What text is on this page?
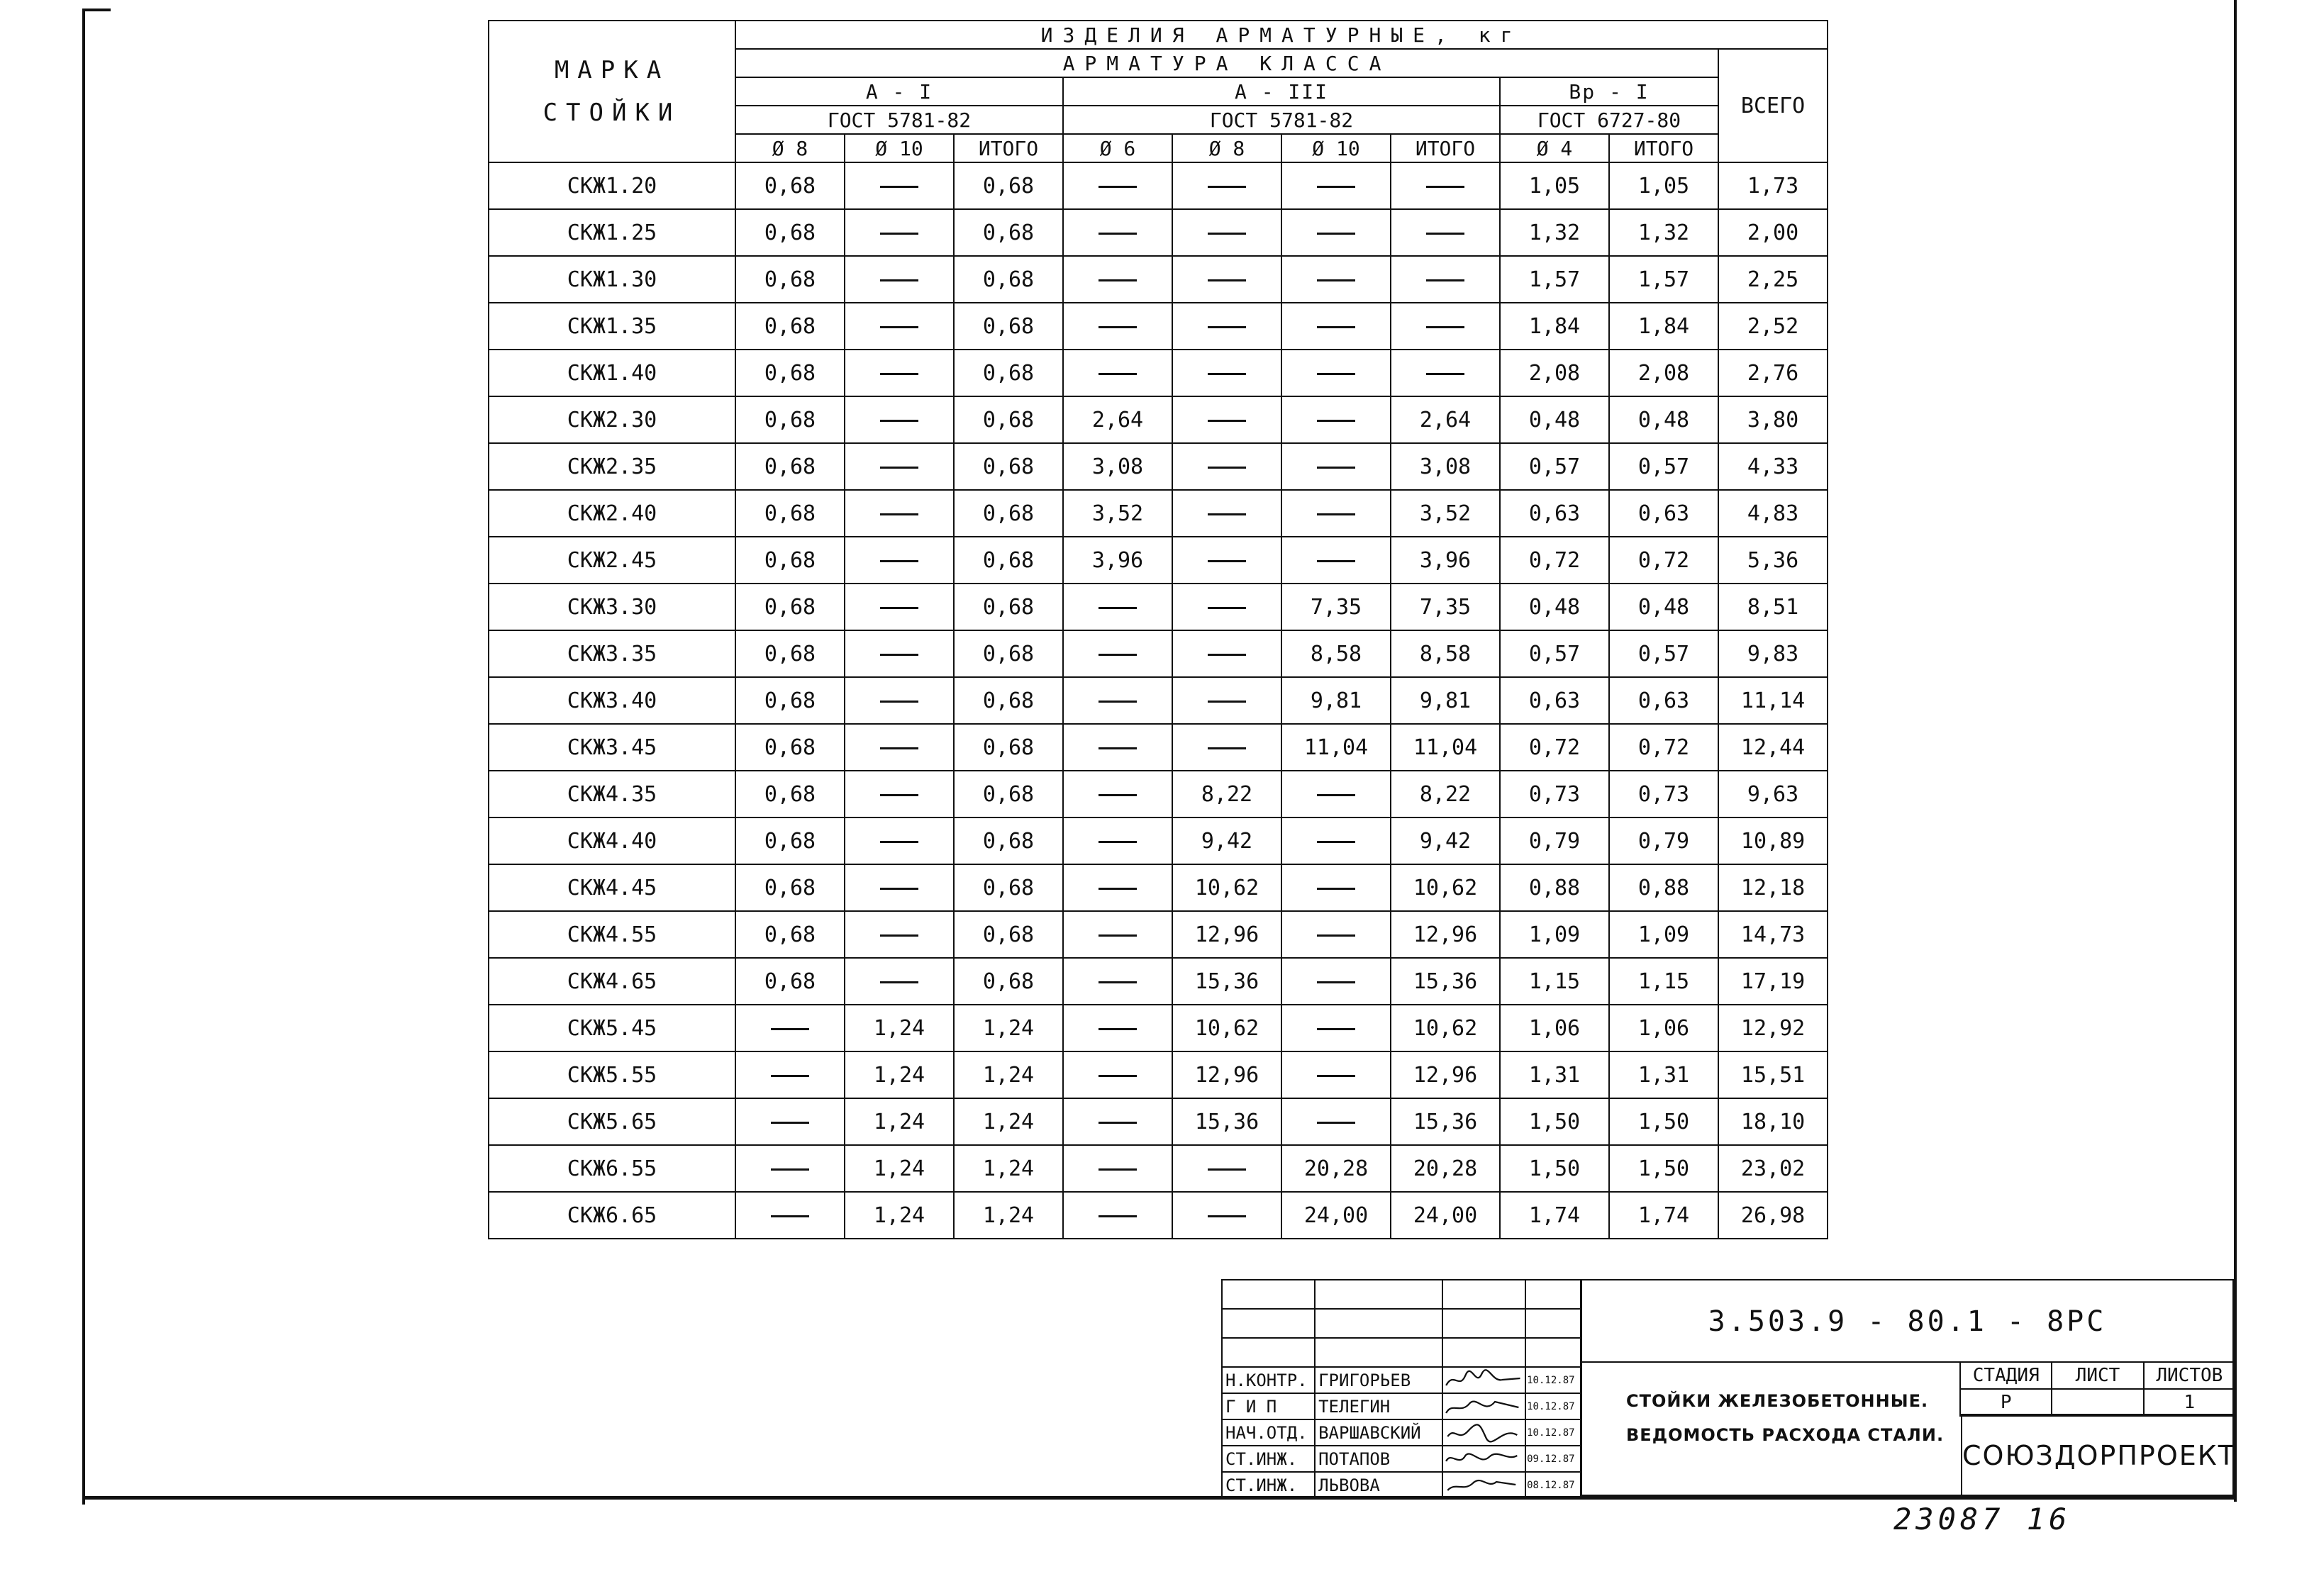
МАРКА
СТОЙКИ	ИЗДЕЛИЯ АРМАТУРНЫЕ, кг									
	АРМАТУРА КЛАССА									ВСЕГО
	А - I			А - III				Вр - I		
	ГОСТ 5781-82			ГОСТ 5781-82				ГОСТ 6727-80		
	Ø 8	Ø 10	ИТОГО	Ø 6	Ø 8	Ø 10	ИТОГО	Ø 4	ИТОГО	
СКЖ1.20	0,68		0,68					1,05	1,05	1,73
СКЖ1.25	0,68		0,68					1,32	1,32	2,00
СКЖ1.30	0,68		0,68					1,57	1,57	2,25
СКЖ1.35	0,68		0,68					1,84	1,84	2,52
СКЖ1.40	0,68		0,68					2,08	2,08	2,76
СКЖ2.30	0,68		0,68	2,64			2,64	0,48	0,48	3,80
СКЖ2.35	0,68		0,68	3,08			3,08	0,57	0,57	4,33
СКЖ2.40	0,68		0,68	3,52			3,52	0,63	0,63	4,83
СКЖ2.45	0,68		0,68	3,96			3,96	0,72	0,72	5,36
СКЖ3.30	0,68		0,68			7,35	7,35	0,48	0,48	8,51
СКЖ3.35	0,68		0,68			8,58	8,58	0,57	0,57	9,83
СКЖ3.40	0,68		0,68			9,81	9,81	0,63	0,63	11,14
СКЖ3.45	0,68		0,68			11,04	11,04	0,72	0,72	12,44
СКЖ4.35	0,68		0,68		8,22		8,22	0,73	0,73	9,63
СКЖ4.40	0,68		0,68		9,42		9,42	0,79	0,79	10,89
СКЖ4.45	0,68		0,68		10,62		10,62	0,88	0,88	12,18
СКЖ4.55	0,68		0,68		12,96		12,96	1,09	1,09	14,73
СКЖ4.65	0,68		0,68		15,36		15,36	1,15	1,15	17,19
СКЖ5.45		1,24	1,24		10,62		10,62	1,06	1,06	12,92
СКЖ5.55		1,24	1,24		12,96		12,96	1,31	1,31	15,51
СКЖ5.65		1,24	1,24		15,36		15,36	1,50	1,50	18,10
СКЖ6.55		1,24	1,24			20,28	20,28	1,50	1,50	23,02
СКЖ6.65		1,24	1,24			24,00	24,00	1,74	1,74	26,98

Н.КОНТР.	ГРИГОРЬЕВ		10.12.87
Г И П	ТЕЛЕГИН		10.12.87
НАЧ.ОТД.	ВАРШАВСКИЙ		10.12.87
СТ.ИНЖ.	ПОТАПОВ		09.12.87
СТ.ИНЖ.	ЛЬВОВА		08.12.87
3.503.9 - 80.1 - 8РС
СТОЙКИ ЖЕЛЕЗОБЕТОННЫЕ.
ВЕДОМОСТЬ РАСХОДА СТАЛИ.
СТАДИЯ	ЛИСТ	ЛИСТОВ
Р		1
СОЮЗДОРПРОЕКТ
23087 16
